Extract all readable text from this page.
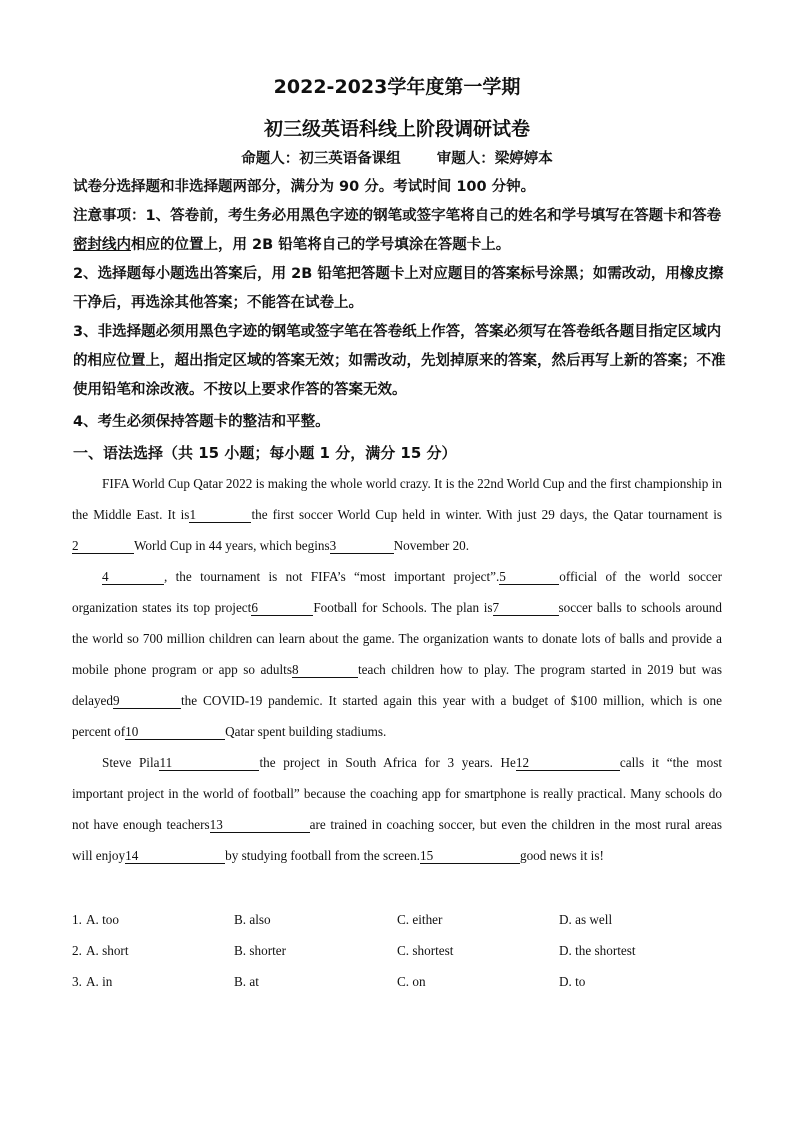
2022-2023学年度第一学期
初三级英语科线上阶段调研试卷
命题人：初三英语备课组 审题人：梁婷婷本
试卷分选择题和非选择题两部分，满分为 90 分。考试时间 100 分钟。
注意事项：1、答卷前，考生务必用黑色字迹的钢笔或签字笔将自己的姓名和学号填写在答题卡和答卷密封线内相应的位置上，用 2B 铅笔将自己的学号填涂在答题卡上。
2、选择题每小题选出答案后，用 2B 铅笔把答题卡上对应题目的答案标号涂黑；如需改动，用橡皮擦干净后，再选涂其他答案；不能答在试卷上。
3、非选择题必须用黑色字迹的钢笔或签字笔在答卷纸上作答，答案必须写在答卷纸各题目指定区域内的相应位置上，超出指定区域的答案无效；如需改动，先划掉原来的答案，然后再写上新的答案；不准使用铅笔和涂改液。不按以上要求作答的答案无效。
4、考生必须保持答题卡的整洁和平整。
一、语法选择（共 15 小题；每小题 1 分，满分 15 分）

FIFA World Cup Qatar 2022 is making the whole world crazy. It is the 22nd World Cup and the first championship in the Middle East. It is1	the first soccer World Cup held in winter. With just 29 days, the Qatar tournament is2	World Cup in 44 years, which begins3	November 20.

4	, the tournament is not FIFA’s “most important project”.5	official of the world soccer organization states its top project6	Football for Schools. The plan is7	soccer balls to schools around the world so 700 million children can learn about the game. The organization wants to donate lots of balls and provide a mobile phone program or app so adults8	teach children how to play. The program started in 2019 but was delayed9	the COVID-19 pandemic. It started again this year with a budget of $100 million, which is one percent of10	Qatar spent building stadiums.

Steve Pila11	the project in South Africa for 3 years. He12	calls it “the most important project in the world of football” because the coaching app for smartphone is really practical. Many schools do not have enough teachers13	are trained in coaching soccer, but even the children in the most rural areas will enjoy14	by studying football from the screen.15	good news it is!

1. A. too	B. also	C. either	D. as well
2. A. short	B. shorter	C. shortest	D. the shortest
3. A. in	B. at	C. on	D. to
